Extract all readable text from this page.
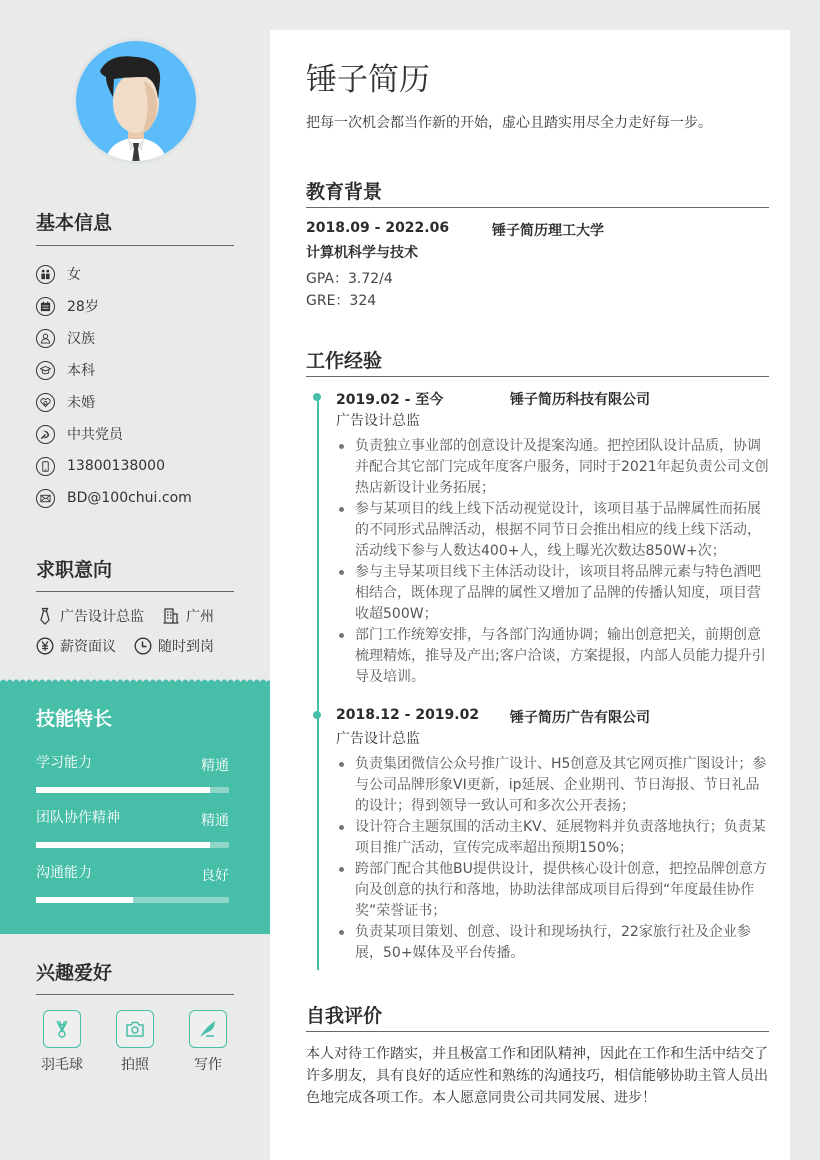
基本信息
女
28岁
汉族
本科
未婚
中共党员
13800138000
BD@100chui.com
求职意向
广告设计总监	广州
薪资面议	随时到岗
技能特长
学习能力	精通
团队协作精神	精通
沟通能力	良好
兴趣爱好
羽毛球	拍照	写作
锤子简历
把每一次机会都当作新的开始，虚心且踏实用尽全力走好每一步。
教育背景
2018.09 - 2022.06	锤子简历理工大学
计算机科学与技术
GPA：3.72/4
GRE：324
工作经验
2019.02 - 至今	锤子简历科技有限公司
广告设计总监
负责独立事业部的创意设计及提案沟通。把控团队设计品质，协调并配合其它部门完成年度客户服务，同时于2021年起负责公司文创热店新设计业务拓展；
参与某项目的线上线下活动视觉设计，该项目基于品牌属性而拓展的不同形式品牌活动，根据不同节日会推出相应的线上线下活动，活动线下参与人数达400+人，线上曝光次数达850W+次；
参与主导某项目线下主体活动设计，该项目将品牌元素与特色酒吧相结合，既体现了品牌的属性又增加了品牌的传播认知度，项目营收超500W；
部门工作统筹安排，与各部门沟通协调；输出创意把关，前期创意梳理精炼，推导及产出;客户洽谈，方案提报，内部人员能力提升引导及培训。
2018.12 - 2019.02	锤子简历广告有限公司
广告设计总监
负责集团微信公众号推广设计、H5创意及其它网页推广图设计；参与公司品牌形象VI更新，ip延展、企业期刊、节日海报、节日礼品的设计；得到领导一致认可和多次公开表扬；
设计符合主题氛围的活动主KV、延展物料并负责落地执行；负责某项目推广活动，宣传完成率超出预期150%；
跨部门配合其他BU提供设计，提供核心设计创意，把控品牌创意方向及创意的执行和落地，协助法律部成项目后得到“年度最佳协作奖”荣誉证书；
负责某项目策划、创意、设计和现场执行，22家旅行社及企业参展，50+媒体及平台传播。
自我评价
本人对待工作踏实，并且极富工作和团队精神，因此在工作和生活中结交了许多朋友，具有良好的适应性和熟练的沟通技巧，相信能够协助主管人员出色地完成各项工作。本人愿意同贵公司共同发展、进步！
